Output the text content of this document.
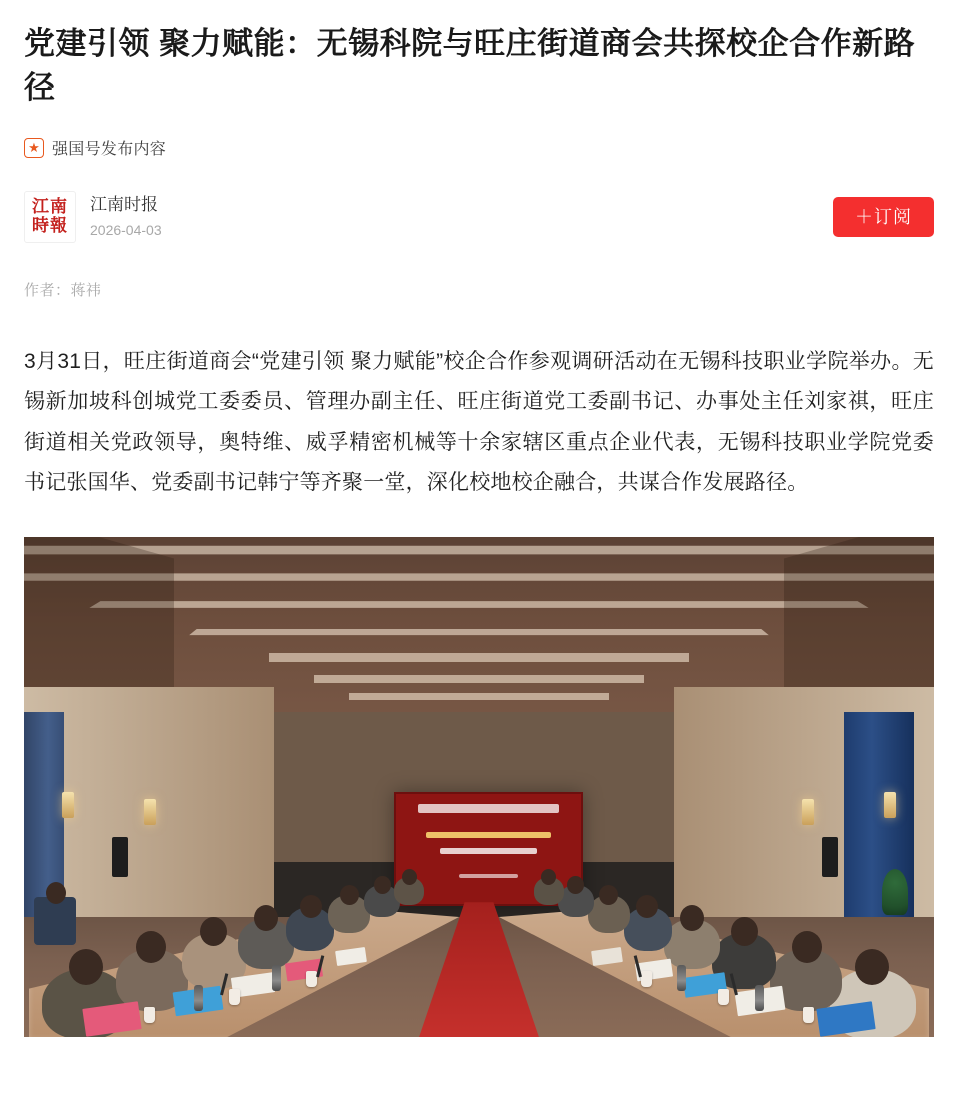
党建引领 聚力赋能：无锡科院与旺庄街道商会共探校企合作新路径
★ 强国号发布内容
江南
時報
江南时报
2026-04-03
＋订阅
作者：蒋祎

3月31日，旺庄街道商会“党建引领 聚力赋能”校企合作参观调研活动在无锡科技职业学院举办。无锡新加坡科创城党工委委员、管理办副主任、旺庄街道党工委副书记、办事处主任刘家祺，旺庄街道相关党政领导，奥特维、威孚精密机械等十余家辖区重点企业代表，无锡科技职业学院党委书记张国华、党委副书记韩宁等齐聚一堂，深化校地校企融合，共谋合作发展路径。
